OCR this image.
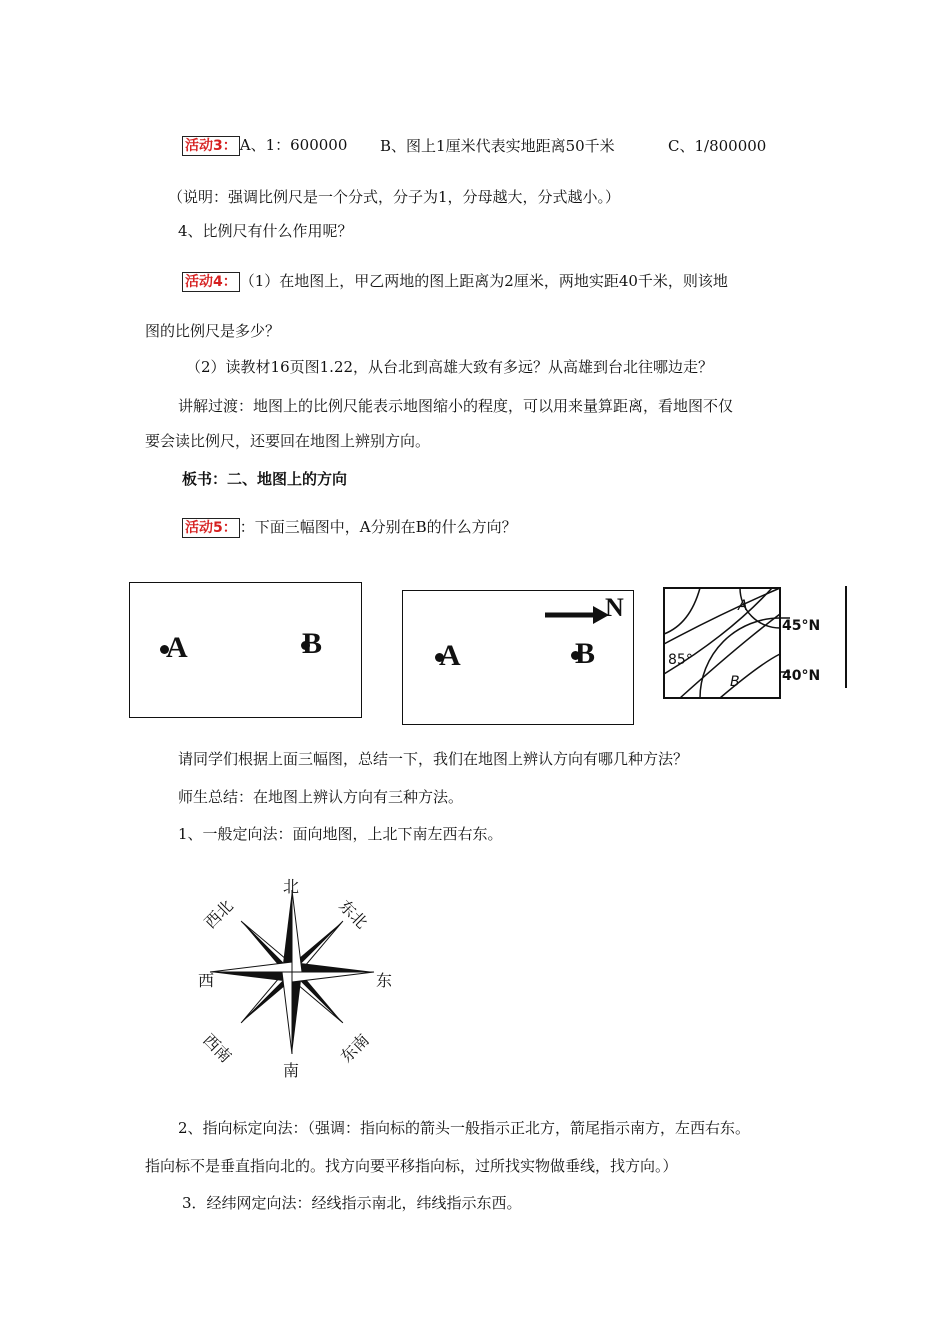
活动3： A、1：600000 B、图上1厘米代表实地距离50千米	C、1/800000
（说明：强调比例尺是一个分式，分子为1，分母越大，分式越小。）
4、比例尺有什么作用呢？
活动4： （1）在地图上，甲乙两地的图上距离为2厘米，两地实距40千米，则该地
图的比例尺是多少？
（2）读教材16页图1.22，从台北到高雄大致有多远？从高雄到台北往哪边走？
讲解过渡：地图上的比例尺能表示地图缩小的程度，可以用来量算距离，看地图不仅
要会读比例尺，还要回在地图上辨别方向。
板书：二、地图上的方向
活动5： ：下面三幅图中，A分别在B的什么方向？
A	B
N
A	B
A
B
85°
45°N
40°N
请同学们根据上面三幅图，总结一下，我们在地图上辨认方向有哪几种方法？
师生总结：在地图上辨认方向有三种方法。
1、一般定向法：面向地图，上北下南左西右东。
北
南
东
西
东北
西北
东南
西南
2、指向标定向法：（强调：指向标的箭头一般指示正北方，箭尾指示南方，左西右东。
指向标不是垂直指向北的。找方向要平移指向标，过所找实物做垂线，找方向。）
3．经纬网定向法：经线指示南北，纬线指示东西。
